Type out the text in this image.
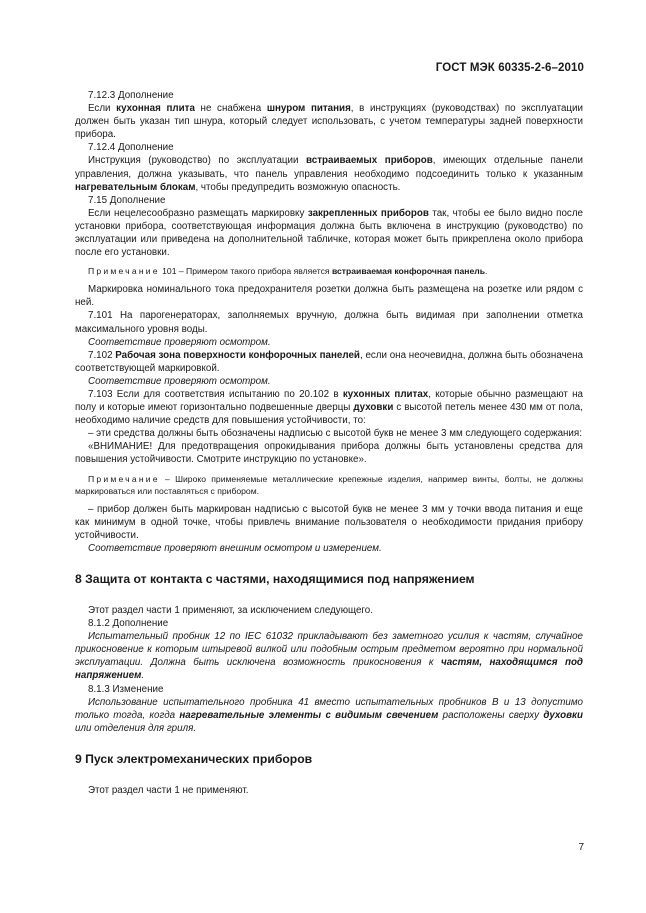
ГОСТ МЭК 60335-2-6–2010

7.12.3 Дополнение

Если кухонная плита не снабжена шнуром питания, в инструкциях (руководствах) по эксплуатации должен быть указан тип шнура, который следует использовать, с учетом температуры задней поверхности прибора.

7.12.4 Дополнение

Инструкция (руководство) по эксплуатации встраиваемых приборов, имеющих отдельные панели управления, должна указывать, что панель управления необходимо подсоединить только к указанным нагревательным блокам, чтобы предупредить возможную опасность.

7.15 Дополнение

Если нецелесообразно размещать маркировку закрепленных приборов так, чтобы ее было видно после установки прибора, соответствующая информация должна быть включена в инструкцию (руководство) по эксплуатации или приведена на дополнительной табличке, которая может быть прикреплена около прибора после его установки.

Примечание 101 – Примером такого прибора является встраиваемая конфорочная панель.

Маркировка номинального тока предохранителя розетки должна быть размещена на розетке или рядом с ней.

7.101 На парогенераторах, заполняемых вручную, должна быть видимая при заполнении отметка максимального уровня воды.

Соответствие проверяют осмотром.

7.102 Рабочая зона поверхности конфорочных панелей, если она неочевидна, должна быть обозначена соответствующей маркировкой.

Соответствие проверяют осмотром.

7.103 Если для соответствия испытанию по 20.102 в кухонных плитах, которые обычно размещают на полу и которые имеют горизонтально подвешенные дверцы духовки с высотой петель менее 430 мм от пола, необходимо наличие средств для повышения устойчивости, то:

– эти средства должны быть обозначены надписью с высотой букв не менее 3 мм следующего содержания:

«ВНИМАНИЕ! Для предотвращения опрокидывания прибора должны быть установлены средства для повышения устойчивости. Смотрите инструкцию по установке».

Примечание – Широко применяемые металлические крепежные изделия, например винты, болты, не должны маркироваться или поставляться с прибором.

– прибор должен быть маркирован надписью с высотой букв не менее 3 мм у точки ввода питания и еще как минимум в одной точке, чтобы привлечь внимание пользователя о необходимости придания прибору устойчивости.

Соответствие проверяют внешним осмотром и измерением.

8 Защита от контакта с частями, находящимися под напряжением

Этот раздел части 1 применяют, за исключением следующего.

8.1.2 Дополнение

Испытательный пробник 12 по IEC 61032 прикладывают без заметного усилия к частям, случайное прикосновение к которым штыревой вилкой или подобным острым предметом вероятно при нормальной эксплуатации. Должна быть исключена возможность прикосновения к частям, находящимся под напряжением.

8.1.3 Изменение

Использование испытательного пробника 41 вместо испытательных пробников B и 13 допустимо только тогда, когда нагревательные элементы с видимым свечением расположены сверху духовки или отделения для гриля.

9 Пуск электромеханических приборов

Этот раздел части 1 не применяют.

7
